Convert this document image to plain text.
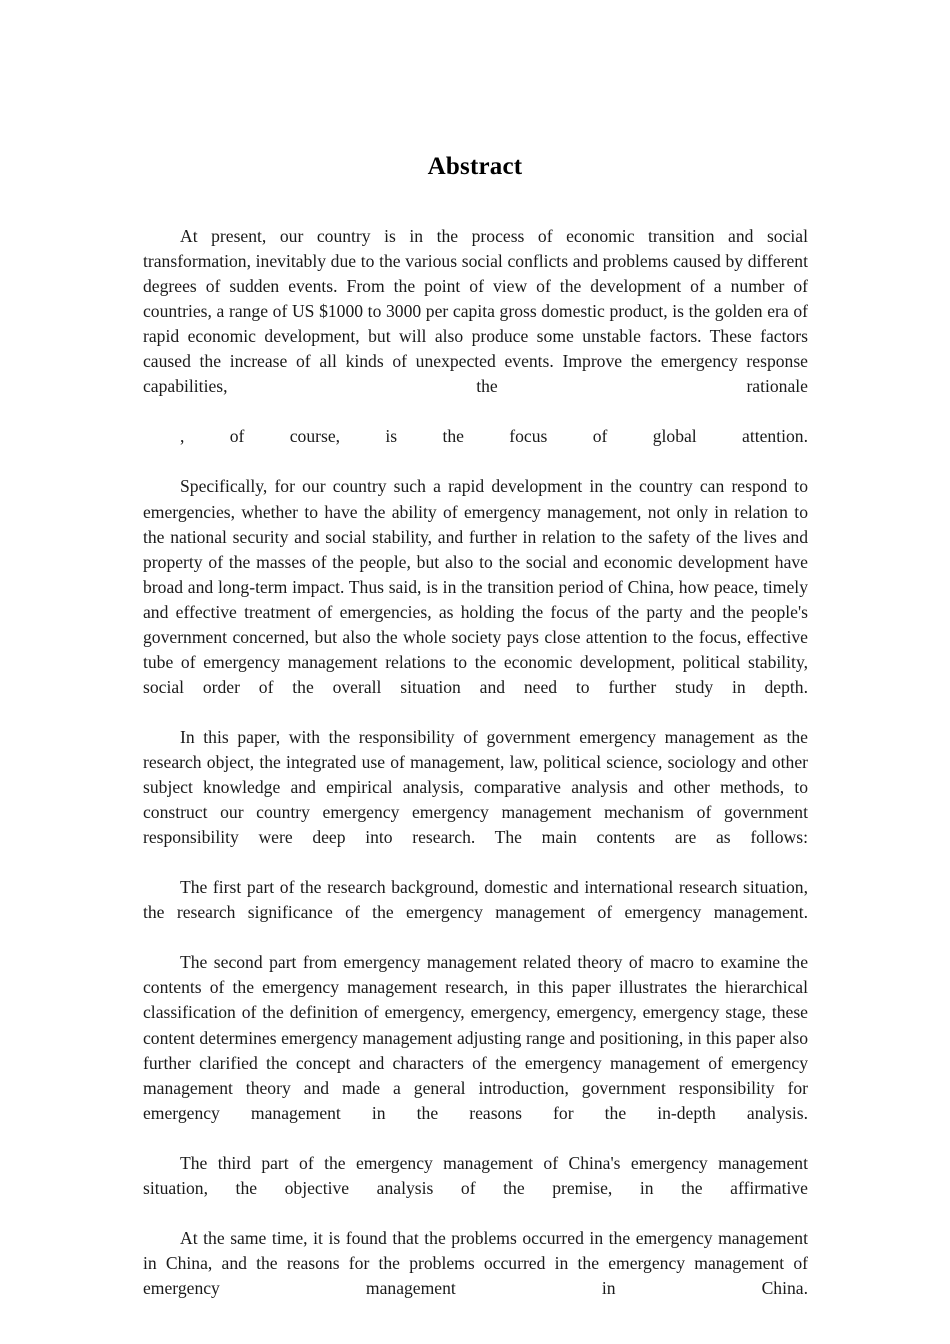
Abstract

At present, our country is in the process of economic transition and social transformation, inevitably due to the various social conflicts and problems caused by different degrees of sudden events. From the point of view of the development of a number of countries, a range of US $1000 to 3000 per capita gross domestic product, is the golden era of rapid economic development, but will also produce some unstable factors. These factors caused the increase of all kinds of unexpected events. Improve the emergency response capabilities, the rationale

, of course, is the focus of global attention.

Specifically, for our country such a rapid development in the country can respond to emergencies, whether to have the ability of emergency management, not only in relation to the national security and social stability, and further in relation to the safety of the lives and property of the masses of the people, but also to the social and economic development have broad and long-term impact. Thus said, is in the transition period of China, how peace, timely and effective treatment of emergencies, as holding the focus of the party and the people's government concerned, but also the whole society pays close attention to the focus, effective tube of emergency management relations to the economic development, political stability, social order of the overall situation and need to further study in depth.

In this paper, with the responsibility of government emergency management as the research object, the integrated use of management, law, political science, sociology and other subject knowledge and empirical analysis, comparative analysis and other methods, to construct our country emergency emergency management mechanism of government responsibility were deep into research. The main contents are as follows:

The first part of the research background, domestic and international research situation, the research significance of the emergency management of emergency management.

The second part from emergency management related theory of macro to examine the contents of the emergency management research, in this paper illustrates the hierarchical classification of the definition of emergency, emergency, emergency, emergency stage, these content determines emergency management adjusting range and positioning, in this paper also further clarified the concept and characters of the emergency management of emergency management theory and made a general introduction, government responsibility for emergency management in the reasons for the in-depth analysis.

The third part of the emergency management of China's emergency management situation, the objective analysis of the premise, in the affirmative

At the same time, it is found that the problems occurred in the emergency management in China, and the reasons for the problems occurred in the emergency management of emergency management in China.
